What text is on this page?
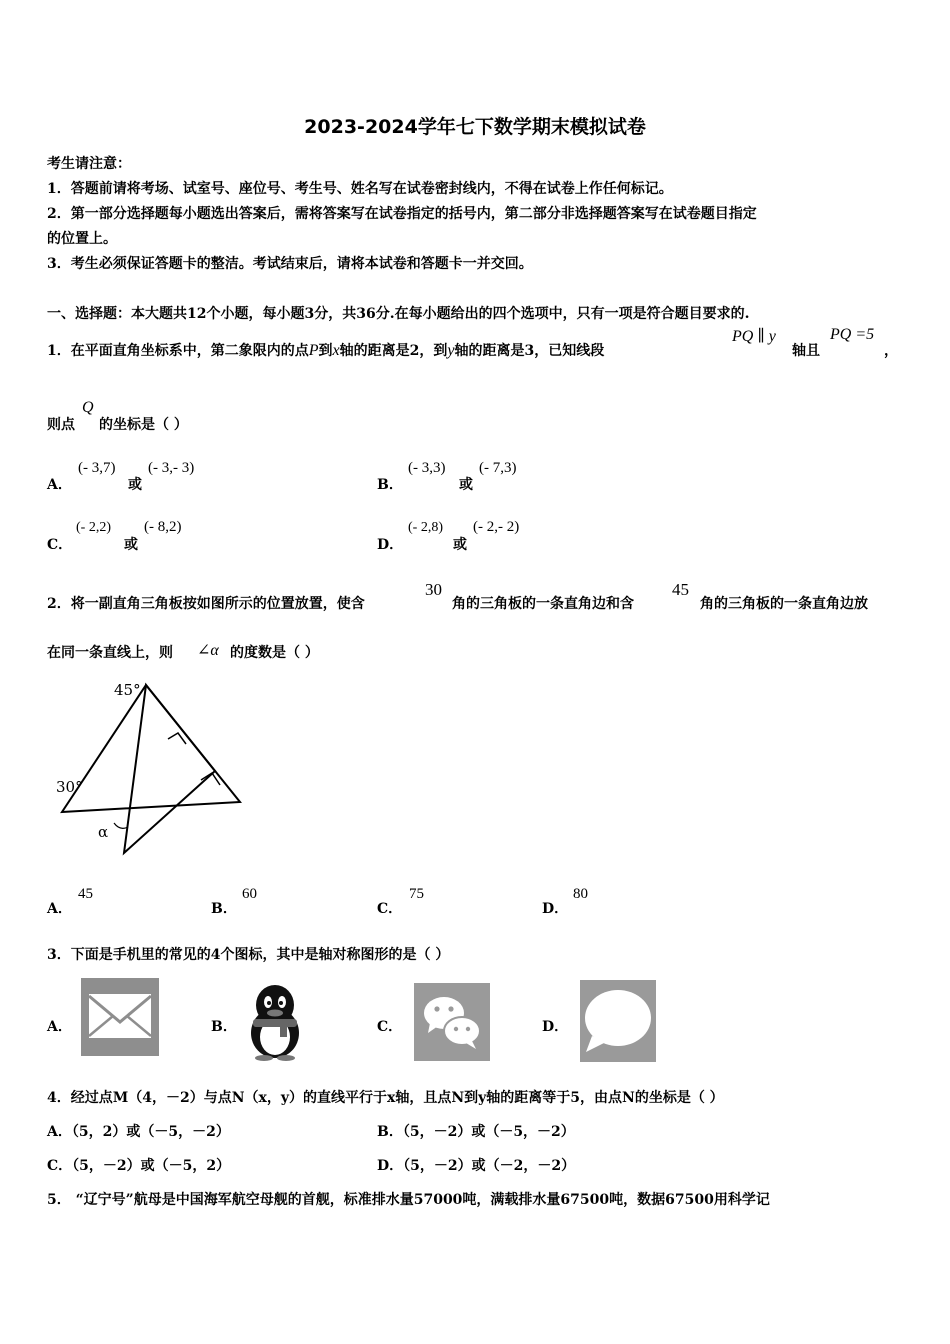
2023-2024学年七下数学期末模拟试卷
考生请注意：
1．答题前请将考场、试室号、座位号、考生号、姓名写在试卷密封线内，不得在试卷上作任何标记。
2．第一部分选择题每小题选出答案后，需将答案写在试卷指定的括号内，第二部分非选择题答案写在试卷题目指定
的位置上。
3．考生必须保证答题卡的整洁。考试结束后，请将本试卷和答题卡一并交回。
一、选择题：本大题共12个小题，每小题3分，共36分.在每小题给出的四个选项中，只有一项是符合题目要求的.
1．在平面直角坐标系中，第二象限内的点P到x轴的距离是2，到y轴的距离是3，已知线段
PQ ∥ y
轴且
PQ =5
，
则点
Q
的坐标是（ ）
A．
(- 3,7)
或
(- 3,- 3)
B．
(- 3,3)
或
(- 7,3)
C．
(- 2,2)
或
(- 8,2)
D．
(- 2,8)
或
(- 2,- 2)
2．将一副直角三角板按如图所示的位置放置，使含
30
角的三角板的一条直角边和含
45
角的三角板的一条直角边放
在同一条直线上，则 ∠α 的度数是（ ）
45°
30°
α
A．
45
B．
60
C．
75
D．
80
3．下面是手机里的常见的4个图标，其中是轴对称图形的是（ ）
A．	B．	C．	D．
4．经过点M（4，－2）与点N（x，y）的直线平行于x轴，且点N到y轴的距离等于5，由点N的坐标是（ ）
A．（5，2）或（－5，－2）	B．（5，－2）或（－5，－2）
C．（5，－2）或（－5，2）	D．（5，－2）或（－2，－2）
5． “辽宁号”航母是中国海军航空母舰的首舰，标准排水量57000吨，满载排水量67500吨，数据67500用科学记
